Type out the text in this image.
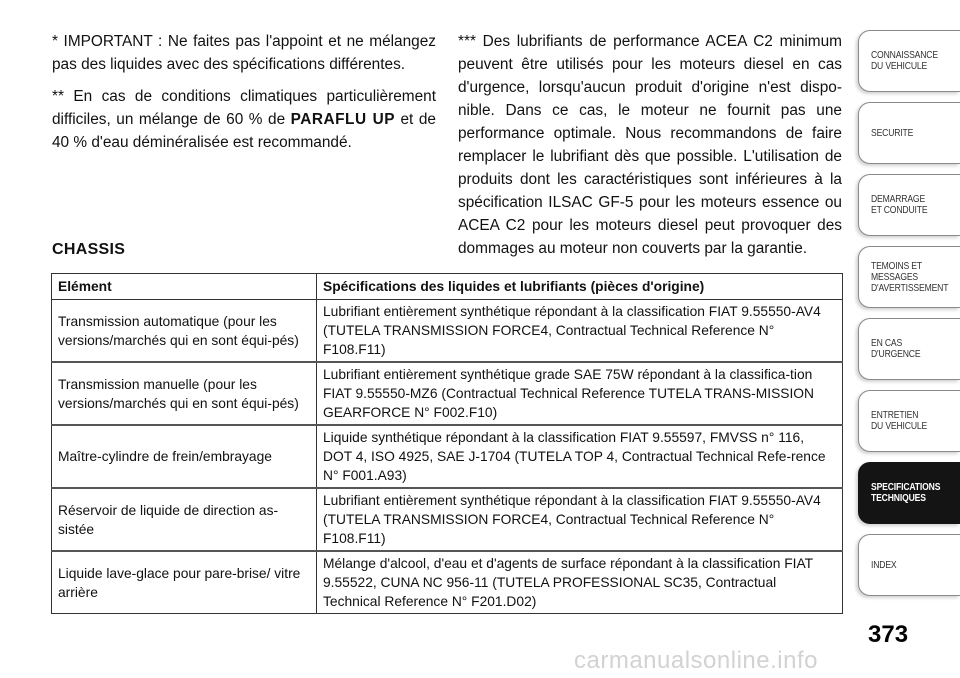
* IMPORTANT : Ne faites pas l'appoint et ne mélangez pas des liquides avec des spécifications différentes.

** En cas de conditions climatiques particulièrement difficiles, un mélange de 60 % de PARAFLU UP et de 40 % d'eau déminéralisée est recommandé.

*** Des lubrifiants de performance ACEA C2 minimum peuvent être utilisés pour les moteurs diesel en cas d'urgence, lorsqu'aucun produit d'origine n'est dispo-nible. Dans ce cas, le moteur ne fournit pas une performance optimale. Nous recommandons de faire remplacer le lubrifiant dès que possible. L'utilisation de produits dont les caractéristiques sont inférieures à la spécification ILSAC GF-5 pour les moteurs essence ou ACEA C2 pour les moteurs diesel peut provoquer des dommages au moteur non couverts par la garantie.

CHASSIS
Elément	Spécifications des liquides et lubrifiants (pièces d'origine)
Transmission automatique (pour les versions/marchés qui en sont équi-pés)	Lubrifiant entièrement synthétique répondant à la classification FIAT 9.55550-AV4 (TUTELA TRANSMISSION FORCE4, Contractual Technical Reference N° F108.F11)
Transmission manuelle (pour les versions/marchés qui en sont équi-pés)	Lubrifiant entièrement synthétique grade SAE 75W répondant à la classifica-tion FIAT 9.55550-MZ6 (Contractual Technical Reference TUTELA TRANS-MISSION GEARFORCE N° F002.F10)
Maître-cylindre de frein/embrayage	Liquide synthétique répondant à la classification FIAT 9.55597, FMVSS n° 116, DOT 4, ISO 4925, SAE J-1704 (TUTELA TOP 4, Contractual Technical Refe-rence N° F001.A93)
Réservoir de liquide de direction as-sistée	Lubrifiant entièrement synthétique répondant à la classification FIAT 9.55550-AV4 (TUTELA TRANSMISSION FORCE4, Contractual Technical Reference N° F108.F11)
Liquide lave-glace pour pare-brise/ vitre arrière	Mélange d'alcool, d'eau et d'agents de surface répondant à la classification FIAT 9.55522, CUNA NC 956-11 (TUTELA PROFESSIONAL SC35, Contractual Technical Reference N° F201.D02)
CONNAISSANCE
DU VEHICULE
SECURITE
DEMARRAGE
ET CONDUITE
TEMOINS ET
MESSAGES
D'AVERTISSEMENT
EN CAS
D'URGENCE
ENTRETIEN
DU VEHICULE
SPECIFICATIONS
TECHNIQUES
INDEX
373
carmanualsonline.info
